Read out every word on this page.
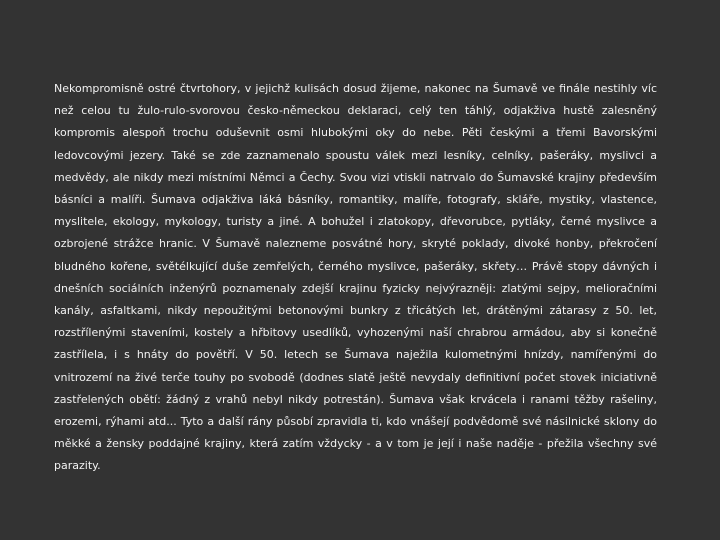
Nekompromisně ostré čtvrtohory, v jejichž kulisách dosud žijeme, nakonec na Šumavě ve finále nestihly víc než celou tu žulo-rulo-svorovou česko-německou deklaraci, celý ten táhlý, odjakživa hustě zalesněný kompromis alespoň trochu oduševnit osmi hlubokými oky do nebe. Pěti českými a třemi Bavorskými ledovcovými jezery. Také se zde zaznamenalo spoustu válek mezi lesníky, celníky, pašeráky, myslivci a medvědy, ale nikdy mezi místními Němci a Čechy. Svou vizi vtiskli natrvalo do Šumavské krajiny především básníci a malíři. Šumava odjakživa láká básníky, romantiky, malíře, fotografy, skláře, mystiky, vlastence, myslitele, ekology, mykology, turisty a jiné. A bohužel i zlatokopy, dřevorubce, pytláky, černé myslivce a ozbrojené strážce hranic. V Šumavě nalezneme posvátné hory, skryté poklady, divoké honby, překročení bludného kořene, světélkující duše zemřelých, černého myslivce, pašeráky, skřety… Právě stopy dávných i dnešních sociálních inženýrů poznamenaly zdejší krajinu fyzicky nejvýrazněji: zlatými sejpy, melioračními kanály, asfaltkami, nikdy nepoužitými betonovými bunkry z třicátých let, drátěnými zátarasy z 50. let, rozstřílenými staveními, kostely a hřbitovy usedlíků, vyhozenými naší chrabrou armádou, aby si konečně zastřílela, i s hnáty do povětří. V 50. letech se Šumava naježila kulometnými hnízdy, namířenými do vnitrozemí na živé terče touhy po svobodě (dodnes slatě ještě nevydaly definitivní počet stovek iniciativně zastřelených obětí: žádný z vrahů nebyl nikdy potrestán). Šumava však krvácela i ranami těžby rašeliny, erozemi, rýhami atd... Tyto a další rány působí zpravidla ti, kdo vnášejí podvědomě své násilnické sklony do měkké a žensky poddajné krajiny, která zatím vždycky - a v tom je její i naše naděje - přežila všechny své parazity.
